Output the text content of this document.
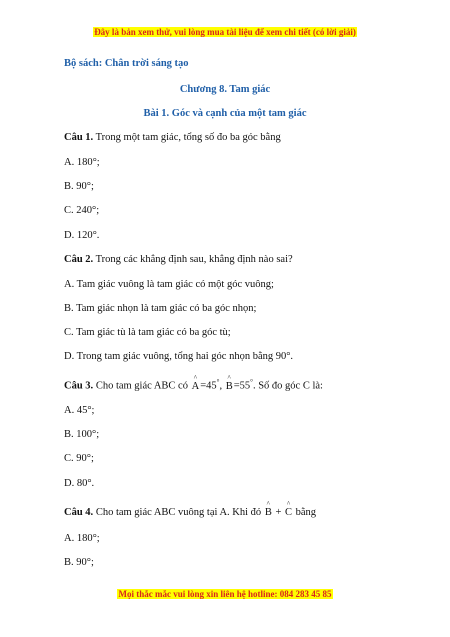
Đây là bản xem thử, vui lòng mua tài liệu để xem chi tiết (có lời giải)
Bộ sách: Chân trời sáng tạo
Chương 8. Tam giác
Bài 1. Góc và cạnh của một tam giác
Câu 1. Trong một tam giác, tổng số đo ba góc bằng
A. 180°;
B. 90°;
C. 240°;
D. 120°.
Câu 2. Trong các khẳng định sau, khẳng định nào sai?
A. Tam giác vuông là tam giác có một góc vuông;
B. Tam giác nhọn là tam giác có ba góc nhọn;
C. Tam giác tù là tam giác có ba góc tù;
D. Trong tam giác vuông, tổng hai góc nhọn bằng 90°.
Câu 3. Cho tam giác ABC có
^
A=45°,
^
B=55°. Số đo góc C là:
A. 45°;
B. 100°;
C. 90°;
D. 80°.
Câu 4. Cho tam giác ABC vuông tại A. Khi đó
^
B +
^
C bằng
A. 180°;
B. 90°;
Mọi thắc mắc vui lòng xin liên hệ hotline: 084 283 45 85
